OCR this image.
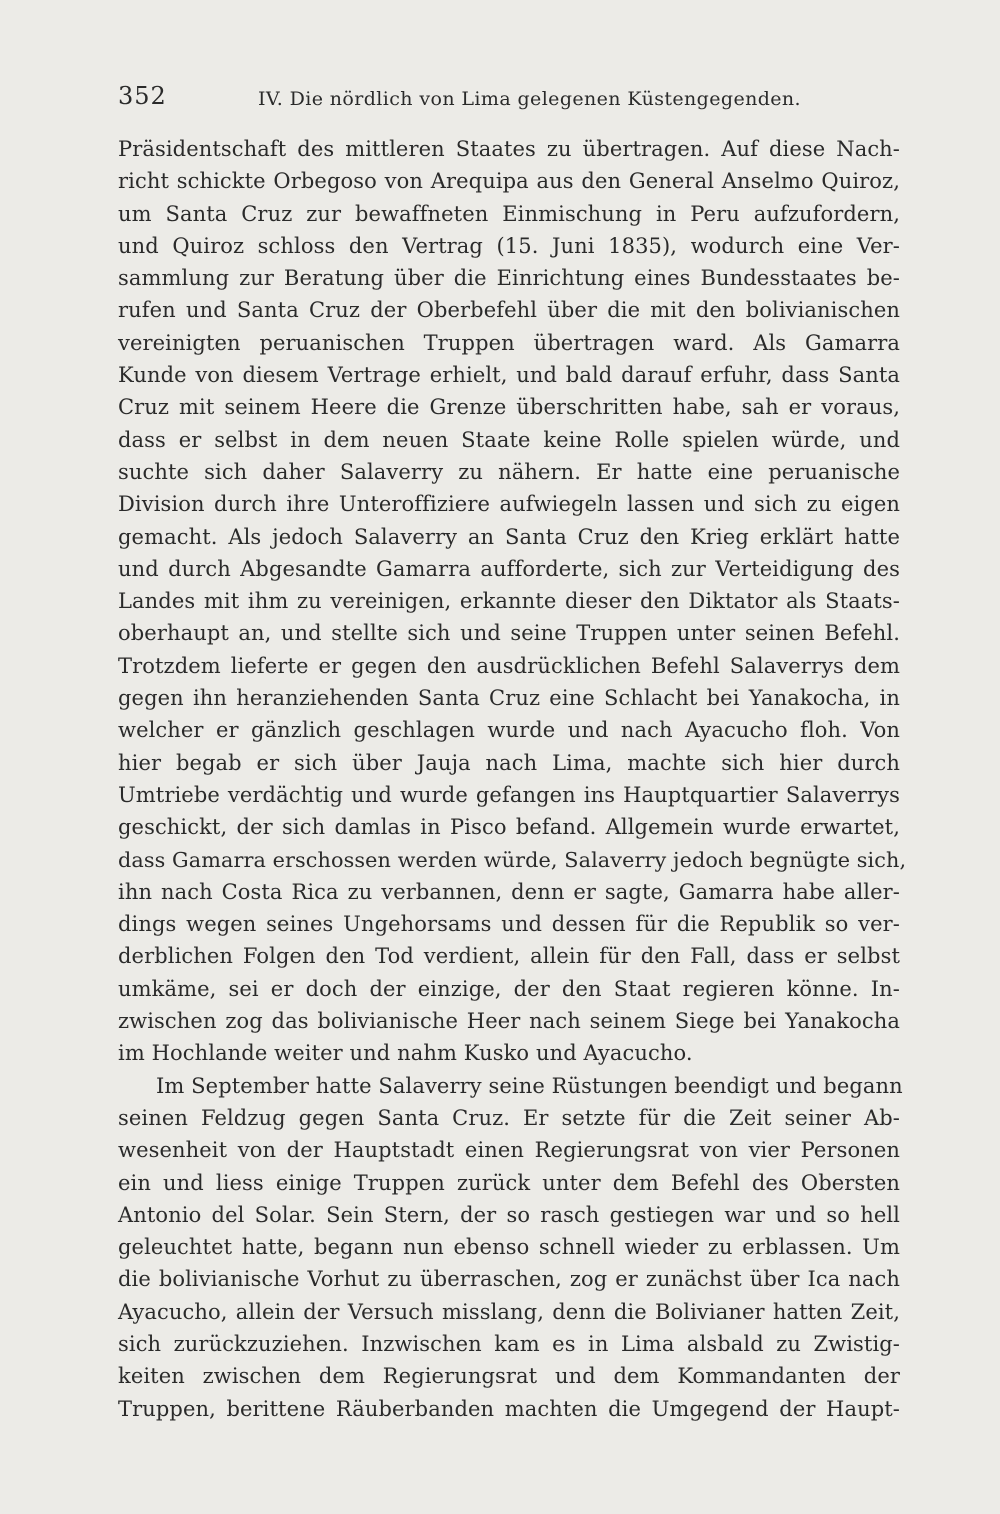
352	IV. Die nördlich von Lima gelegenen Küstengegenden.
Präsidentschaft des mittleren Staates zu übertragen. Auf diese Nach-
richt schickte Orbegoso von Arequipa aus den General Anselmo Quiroz,
um Santa Cruz zur bewaffneten Einmischung in Peru aufzufordern,
und Quiroz schloss den Vertrag (15. Juni 1835), wodurch eine Ver-
sammlung zur Beratung über die Einrichtung eines Bundesstaates be-
rufen und Santa Cruz der Oberbefehl über die mit den bolivianischen
vereinigten peruanischen Truppen übertragen ward. Als Gamarra
Kunde von diesem Vertrage erhielt, und bald darauf erfuhr, dass Santa
Cruz mit seinem Heere die Grenze überschritten habe, sah er voraus,
dass er selbst in dem neuen Staate keine Rolle spielen würde, und
suchte sich daher Salaverry zu nähern. Er hatte eine peruanische
Division durch ihre Unteroffiziere aufwiegeln lassen und sich zu eigen
gemacht. Als jedoch Salaverry an Santa Cruz den Krieg erklärt hatte
und durch Abgesandte Gamarra aufforderte, sich zur Verteidigung des
Landes mit ihm zu vereinigen, erkannte dieser den Diktator als Staats-
oberhaupt an, und stellte sich und seine Truppen unter seinen Befehl.
Trotzdem lieferte er gegen den ausdrücklichen Befehl Salaverrys dem
gegen ihn heranziehenden Santa Cruz eine Schlacht bei Yanakocha, in
welcher er gänzlich geschlagen wurde und nach Ayacucho floh. Von
hier begab er sich über Jauja nach Lima, machte sich hier durch
Umtriebe verdächtig und wurde gefangen ins Hauptquartier Salaverrys
geschickt, der sich damlas in Pisco befand. Allgemein wurde erwartet,
dass Gamarra erschossen werden würde, Salaverry jedoch begnügte sich,
ihn nach Costa Rica zu verbannen, denn er sagte, Gamarra habe aller-
dings wegen seines Ungehorsams und dessen für die Republik so ver-
derblichen Folgen den Tod verdient, allein für den Fall, dass er selbst
umkäme, sei er doch der einzige, der den Staat regieren könne. In-
zwischen zog das bolivianische Heer nach seinem Siege bei Yanakocha
im Hochlande weiter und nahm Kusko und Ayacucho.
Im September hatte Salaverry seine Rüstungen beendigt und begann
seinen Feldzug gegen Santa Cruz. Er setzte für die Zeit seiner Ab-
wesenheit von der Hauptstadt einen Regierungsrat von vier Personen
ein und liess einige Truppen zurück unter dem Befehl des Obersten
Antonio del Solar. Sein Stern, der so rasch gestiegen war und so hell
geleuchtet hatte, begann nun ebenso schnell wieder zu erblassen. Um
die bolivianische Vorhut zu überraschen, zog er zunächst über Ica nach
Ayacucho, allein der Versuch misslang, denn die Bolivianer hatten Zeit,
sich zurückzuziehen. Inzwischen kam es in Lima alsbald zu Zwistig-
keiten zwischen dem Regierungsrat und dem Kommandanten der
Truppen, berittene Räuberbanden machten die Umgegend der Haupt-
